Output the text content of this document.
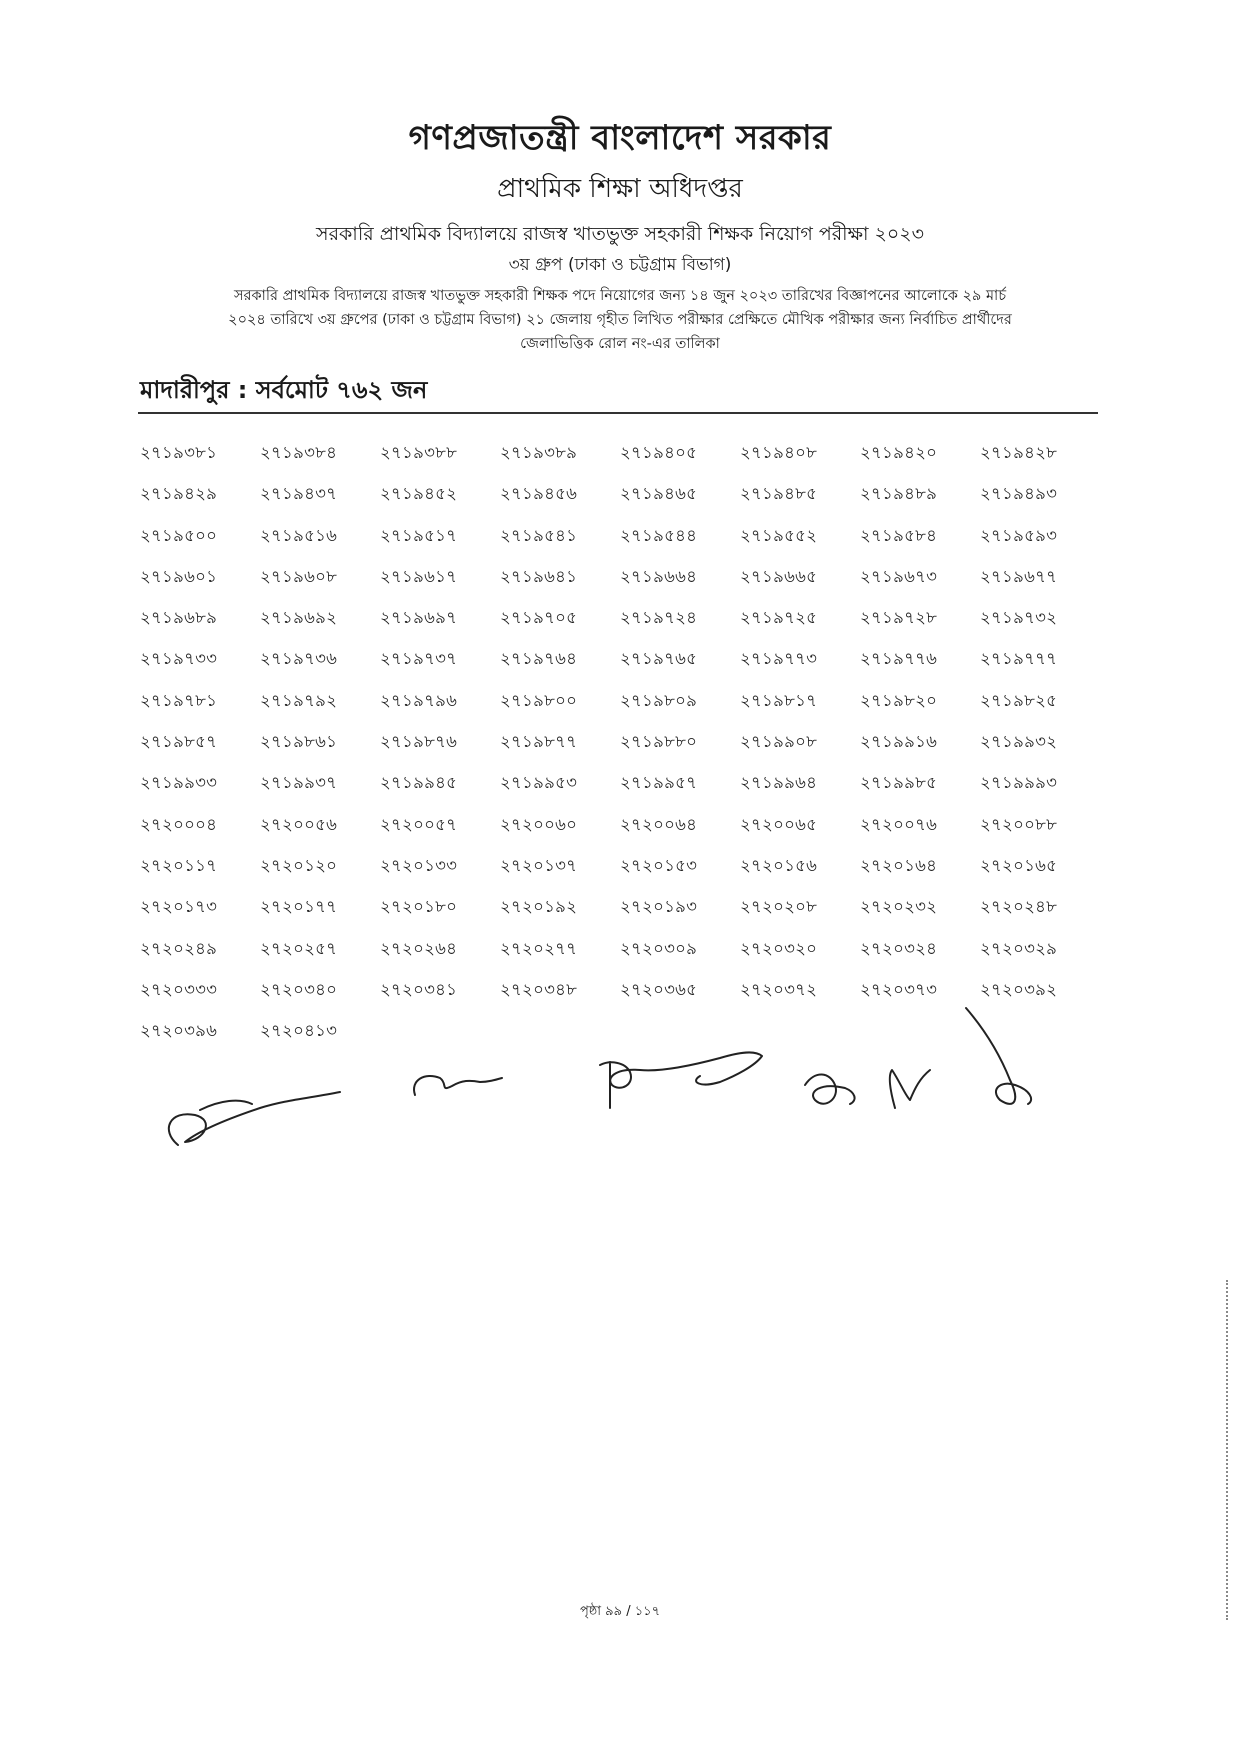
গণপ্রজাতন্ত্রী বাংলাদেশ সরকার
প্রাথমিক শিক্ষা অধিদপ্তর
সরকারি প্রাথমিক বিদ্যালয়ে রাজস্ব খাতভুক্ত সহকারী শিক্ষক নিয়োগ পরীক্ষা ২০২৩
৩য় গ্রুপ (ঢাকা ও চট্টগ্রাম বিভাগ)
সরকারি প্রাথমিক বিদ্যালয়ে রাজস্ব খাতভুক্ত সহকারী শিক্ষক পদে নিয়োগের জন্য ১৪ জুন ২০২৩ তারিখের বিজ্ঞাপনের আলোকে ২৯ মার্চ
২০২৪ তারিখে ৩য় গ্রুপের (ঢাকা ও চট্টগ্রাম বিভাগ) ২১ জেলায় গৃহীত লিখিত পরীক্ষার প্রেক্ষিতে মৌখিক পরীক্ষার জন্য নির্বাচিত প্রার্থীদের
জেলাভিত্তিক রোল নং-এর তালিকা
মাদারীপুর : সর্বমোট ৭৬২ জন
২৭১৯৩৮১	২৭১৯৩৮৪	২৭১৯৩৮৮	২৭১৯৩৮৯	২৭১৯৪০৫	২৭১৯৪০৮	২৭১৯৪২০	২৭১৯৪২৮
২৭১৯৪২৯	২৭১৯৪৩৭	২৭১৯৪৫২	২৭১৯৪৫৬	২৭১৯৪৬৫	২৭১৯৪৮৫	২৭১৯৪৮৯	২৭১৯৪৯৩
২৭১৯৫০০	২৭১৯৫১৬	২৭১৯৫১৭	২৭১৯৫৪১	২৭১৯৫৪৪	২৭১৯৫৫২	২৭১৯৫৮৪	২৭১৯৫৯৩
২৭১৯৬০১	২৭১৯৬০৮	২৭১৯৬১৭	২৭১৯৬৪১	২৭১৯৬৬৪	২৭১৯৬৬৫	২৭১৯৬৭৩	২৭১৯৬৭৭
২৭১৯৬৮৯	২৭১৯৬৯২	২৭১৯৬৯৭	২৭১৯৭০৫	২৭১৯৭২৪	২৭১৯৭২৫	২৭১৯৭২৮	২৭১৯৭৩২
২৭১৯৭৩৩	২৭১৯৭৩৬	২৭১৯৭৩৭	২৭১৯৭৬৪	২৭১৯৭৬৫	২৭১৯৭৭৩	২৭১৯৭৭৬	২৭১৯৭৭৭
২৭১৯৭৮১	২৭১৯৭৯২	২৭১৯৭৯৬	২৭১৯৮০০	২৭১৯৮০৯	২৭১৯৮১৭	২৭১৯৮২০	২৭১৯৮২৫
২৭১৯৮৫৭	২৭১৯৮৬১	২৭১৯৮৭৬	২৭১৯৮৭৭	২৭১৯৮৮০	২৭১৯৯০৮	২৭১৯৯১৬	২৭১৯৯৩২
২৭১৯৯৩৩	২৭১৯৯৩৭	২৭১৯৯৪৫	২৭১৯৯৫৩	২৭১৯৯৫৭	২৭১৯৯৬৪	২৭১৯৯৮৫	২৭১৯৯৯৩
২৭২০০০৪	২৭২০০৫৬	২৭২০০৫৭	২৭২০০৬০	২৭২০০৬৪	২৭২০০৬৫	২৭২০০৭৬	২৭২০০৮৮
২৭২০১১৭	২৭২০১২০	২৭২০১৩৩	২৭২০১৩৭	২৭২০১৫৩	২৭২০১৫৬	২৭২০১৬৪	২৭২০১৬৫
২৭২০১৭৩	২৭২০১৭৭	২৭২০১৮০	২৭২০১৯২	২৭২০১৯৩	২৭২০২০৮	২৭২০২৩২	২৭২০২৪৮
২৭২০২৪৯	২৭২০২৫৭	২৭২০২৬৪	২৭২০২৭৭	২৭২০৩০৯	২৭২০৩২০	২৭২০৩২৪	২৭২০৩২৯
২৭২০৩৩৩	২৭২০৩৪০	২৭২০৩৪১	২৭২০৩৪৮	২৭২০৩৬৫	২৭২০৩৭২	২৭২০৩৭৩	২৭২০৩৯২
২৭২০৩৯৬	২৭২০৪১৩
পৃষ্ঠা ৯৯ / ১১৭
